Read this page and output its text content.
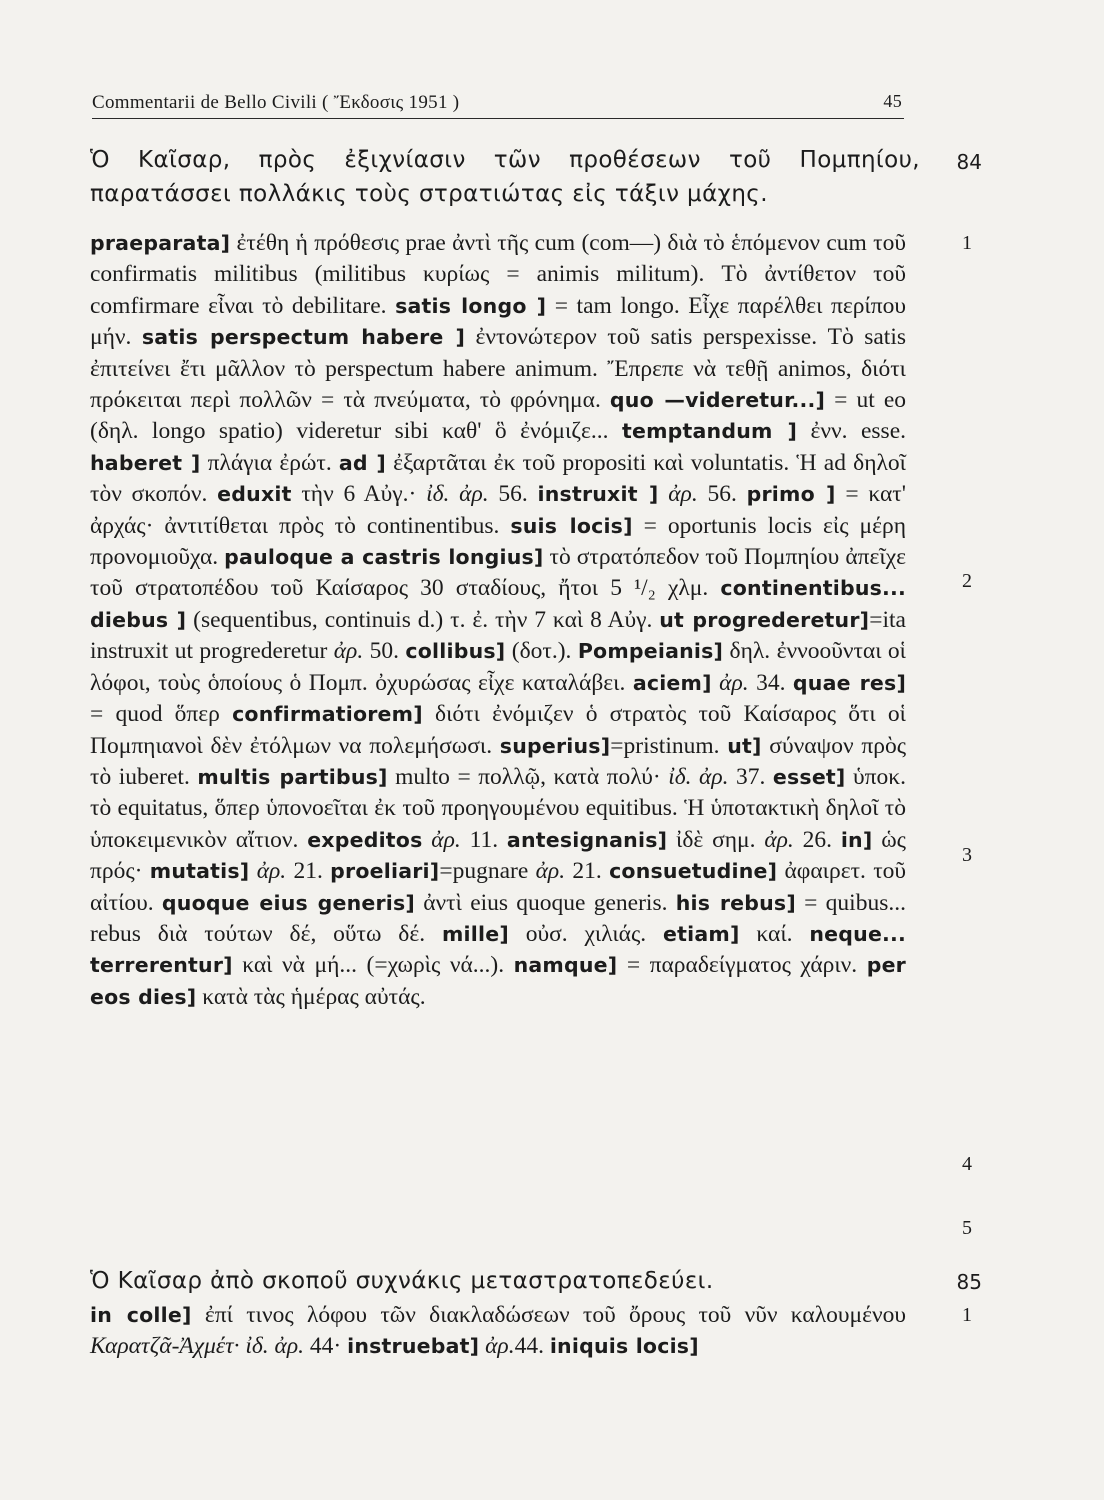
Commentarii de Bello Civili ( Ἔκδοσις 1951 )	45
Ὁ Καῖσαρ, πρὸς ἐξιχνίασιν τῶν προθέσεων τοῦ Πομπηίου, παρατάσσει πολλάκις τοὺς στρατιώτας εἰς τάξιν μάχης.
84
praeparata] ἐτέθη ἡ πρόθεσις prae ἀντὶ τῆς cum (com—) διὰ τὸ ἑπόμενον cum τοῦ confirmatis militibus (militibus κυρίως = animis militum). Τὸ ἀντίθετον τοῦ comfirmare εἶναι τὸ debilitare. satis longo ] = tam longo. Εἶχε παρέλθει περίπου μήν. satis perspectum habere ] ἐντονώτερον τοῦ satis perspexisse. Τὸ satis ἐπιτείνει ἔτι μᾶλλον τὸ perspectum habere animum. Ἔπρεπε νὰ τεθῇ animos, διότι πρόκειται περὶ πολλῶν = τὰ πνεύματα, τὸ φρόνημα. quo —videretur...] = ut eo (δηλ. longo spatio) videretur sibi καθ' ὃ ἐνόμιζε... temptandum ] ἐνν. esse. haberet ] πλάγια ἐρώτ. ad ] ἐξαρτᾶται ἐκ τοῦ propositi καὶ voluntatis. Ἡ ad δηλοῖ τὸν σκοπόν. eduxit τὴν 6 Αὐγ.· ἰδ. ἀρ. 56. instruxit ] ἀρ. 56. primo ] = κατ' ἀρχάς· ἀντιτίθεται πρὸς τὸ continentibus. suis locis] = oportunis locis εἰς μέρη προνομιοῦχα. pauloque a castris longius] τὸ στρατόπεδον τοῦ Πομπηίου ἀπεῖχε τοῦ στρατοπέδου τοῦ Καίσαρος 30 σταδίους, ἤτοι 5 ¹/₂ χλμ. continentibus... diebus ] (sequentibus, continuis d.) τ. ἐ. τὴν 7 καὶ 8 Αὐγ. ut progrederetur]=ita instruxit ut progrederetur ἀρ. 50. collibus] (δοτ.). Pompeianis] δηλ. ἐννοοῦνται οἱ λόφοι, τοὺς ὁποίους ὁ Πομπ. ὀχυρώσας εἶχε καταλάβει. aciem] ἀρ. 34. quae res] = quod ὅπερ confirmatiorem] διότι ἐνόμιζεν ὁ στρατὸς τοῦ Καίσαρος ὅτι οἱ Πομπηιανοὶ δὲν ἐτόλμων να πολεμήσωσι. superius]=pristinum. ut] σύναψον πρὸς τὸ iuberet. multis partibus] multo = πολλῷ, κατὰ πολύ· ἰδ. ἀρ. 37. esset] ὑποκ. τὸ equitatus, ὅπερ ὑπονοεῖται ἐκ τοῦ προηγουμένου equitibus. Ἡ ὑποτακτικὴ δηλοῖ τὸ ὑποκειμενικὸν αἴτιον. expeditos ἀρ. 11. antesignanis] ἰδὲ σημ. ἀρ. 26. in] ὡς πρός· mutatis] ἀρ. 21. proeliari]=pugnare ἀρ. 21. consuetudine] ἀφαιρετ. τοῦ αἰτίου. quoque eius generis] ἀντὶ eius quoque generis. his rebus] = quibus... rebus διὰ τούτων δέ, οὕτω δέ. mille] οὐσ. χιλιάς. etiam] καί. neque... terrerentur] καὶ νὰ μή... (=χωρὶς νά...). namque] = παραδείγματος χάριν. per eos dies] κατὰ τὰς ἡμέρας αὐτάς.
1
2
3
4
5
Ὁ Καῖσαρ ἀπὸ σκοποῦ συχνάκις μεταστρατοπεδεύει.	85
in colle] ἐπί τινος λόφου τῶν διακλαδώσεων τοῦ ὄρους τοῦ νῦν καλουμένου Καρατζᾶ-Ἀχμέτ· ἰδ. ἀρ. 44· instruebat] ἀρ.44. iniquis locis]
1
